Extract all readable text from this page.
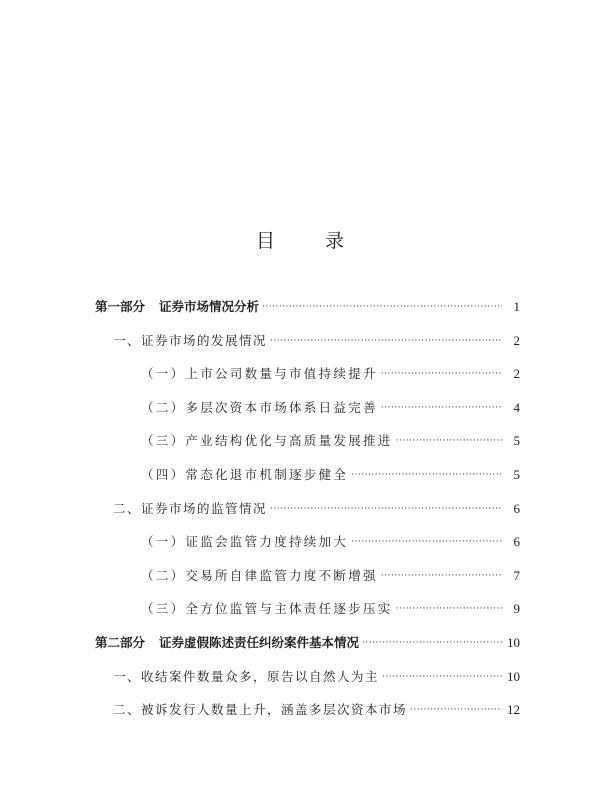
目 录
第一部分 证券市场情况分析 ·····	1
一、证券市场的发展情况 ·····	2
（一）上市公司数量与市值持续提升 ·····	2
（二）多层次资本市场体系日益完善 ·····	4
（三）产业结构优化与高质量发展推进 ·····	5
（四）常态化退市机制逐步健全 ·····	5
二、证券市场的监管情况 ·····	6
（一）证监会监管力度持续加大 ·····	6
（二）交易所自律监管力度不断增强 ·····	7
（三）全方位监管与主体责任逐步压实 ·····	9
第二部分 证券虚假陈述责任纠纷案件基本情况 ·····	10
一、收结案件数量众多，原告以自然人为主 ·····	10
二、被诉发行人数量上升，涵盖多层次资本市场 ·····	12
